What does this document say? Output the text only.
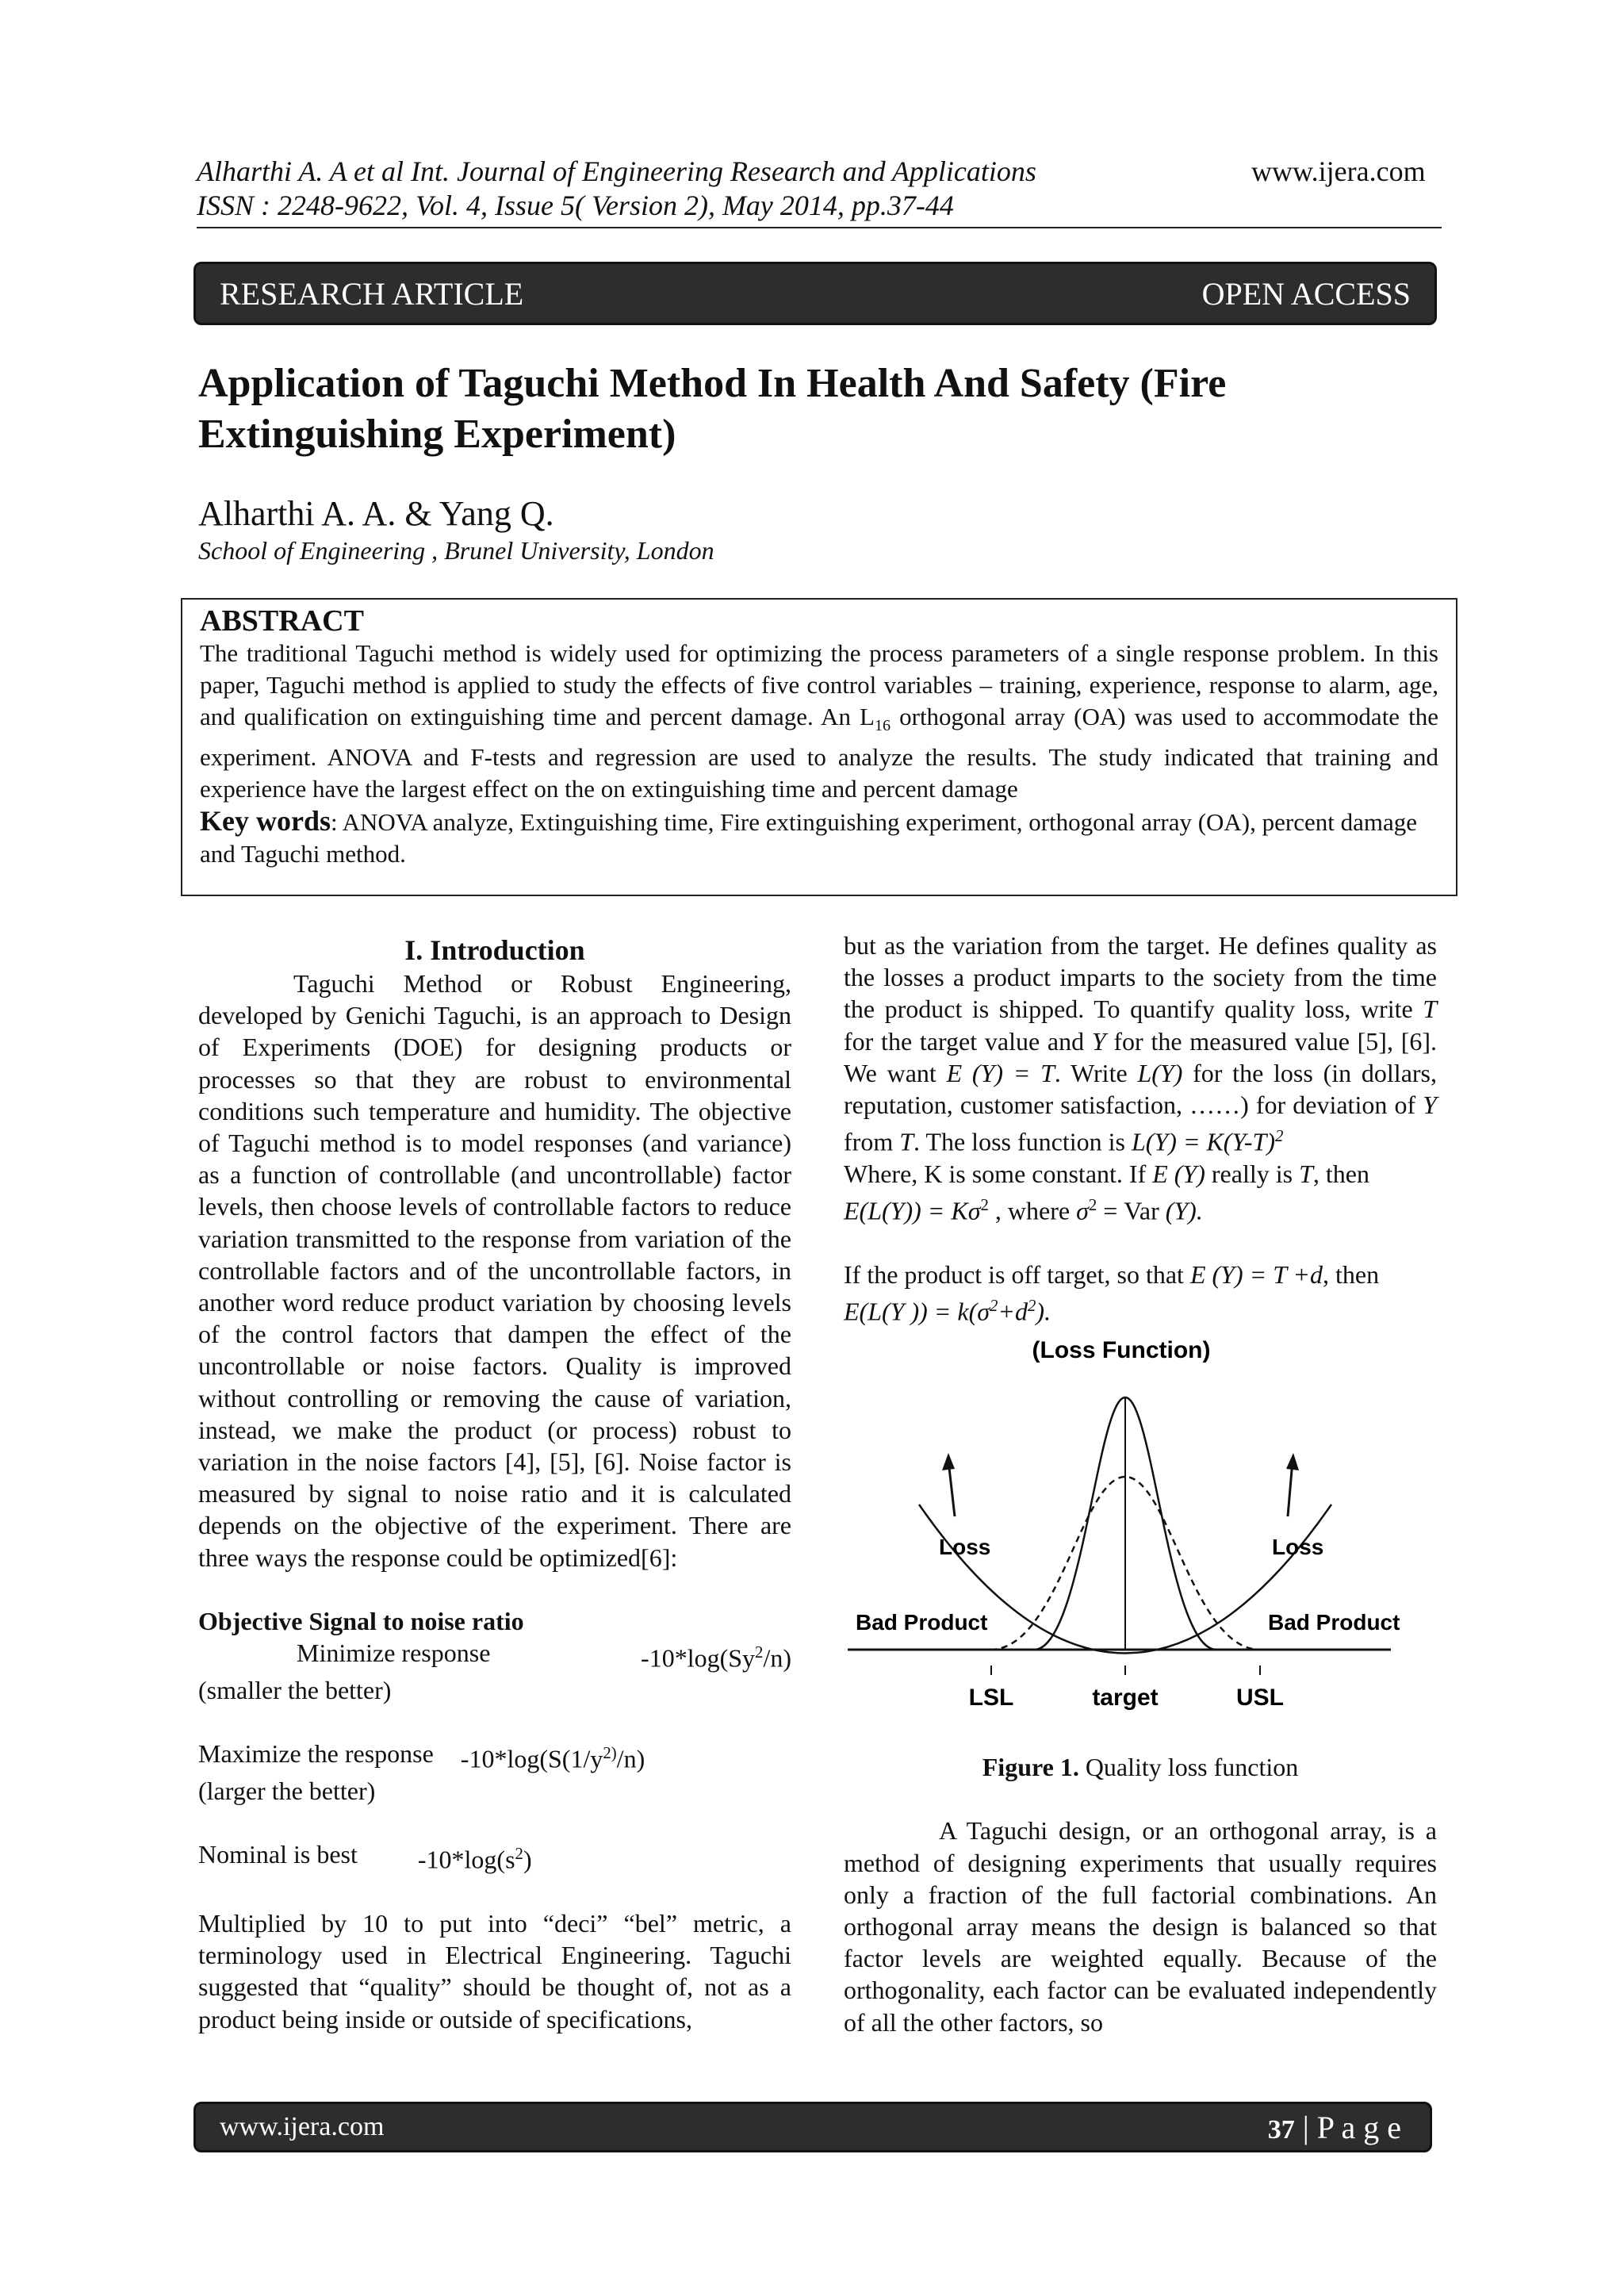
Alharthi A. A et al Int. Journal of Engineering Research and Applications	www.ijera.com
ISSN : 2248-9622, Vol. 4, Issue 5( Version 2), May 2014, pp.37-44
RESEARCH ARTICLE	OPEN ACCESS
Application of Taguchi Method In Health And Safety (Fire
Extinguishing Experiment)
Alharthi A. A. & Yang Q.
School of Engineering , Brunel University, London
ABSTRACT

The traditional Taguchi method is widely used for optimizing the process parameters of a single response problem. In this paper, Taguchi method is applied to study the effects of five control variables – training, experience, response to alarm, age, and qualification on extinguishing time and percent damage. An $L_{16}$ orthogonal array (OA) was used to accommodate the experiment. ANOVA and F-tests and regression are used to analyze the results. The study indicated that training and experience have the largest effect on the on extinguishing time and percent damage

Key words: ANOVA analyze, Extinguishing time, Fire extinguishing experiment, orthogonal array (OA), percent damage and Taguchi method.

I. Introduction

Taguchi Method or Robust Engineering, developed by Genichi Taguchi, is an approach to Design of Experiments (DOE) for designing products or processes so that they are robust to environmental conditions such temperature and humidity. The objective of Taguchi method is to model responses (and variance) as a function of controllable (and uncontrollable) factor levels, then choose levels of controllable factors to reduce variation transmitted to the response from variation of the controllable factors and of the uncontrollable factors, in another word reduce product variation by choosing levels of the control factors that dampen the effect of the uncontrollable or noise factors. Quality is improved without controlling or removing the cause of variation, instead, we make the product (or process) robust to variation in the noise factors [4], [5], [6]. Noise factor is measured by signal to noise ratio and it is calculated depends on the objective of the experiment. There are three ways the response could be optimized[6]:

Objective Signal to noise ratio
Minimize response	-10*log(Sy$^2$/n)
(smaller the better)
Maximize the response	$-10*\log(S(1/y^{2)}/n)$
(larger the better)
Nominal is best	$-10*\log(s^2)$

Multiplied by 10 to put into “deci” “bel” metric, a terminology used in Electrical Engineering. Taguchi suggested that “quality” should be thought of, not as a product being inside or outside of specifications,

but as the variation from the target. He defines quality as the losses a product imparts to the society from the time the product is shipped. To quantify quality loss, write T for the target value and Y for the measured value [5], [6]. We want E (Y) = T. Write L(Y) for the loss (in dollars, reputation, customer satisfaction, ……) for deviation of Y from T. The loss function is $L(Y) = K(Y-T)^2$

Where, K is some constant. If E (Y) really is T, then $E(L(Y)) = K\sigma^2$ , where $\sigma^2$ = Var (Y).

If the product is off target, so that E (Y) = T +d, then E(L(Y )) = $k(\sigma^2+d^2)$.

(Loss Function)
Loss	Loss
Bad Product	Bad Product
LSL	target	USL
Figure 1. Quality loss function

A Taguchi design, or an orthogonal array, is a method of designing experiments that usually requires only a fraction of the full factorial combinations. An orthogonal array means the design is balanced so that factor levels are weighted equally. Because of the orthogonality, each factor can be evaluated independently of all the other factors, so

www.ijera.com	37 | P a g e
